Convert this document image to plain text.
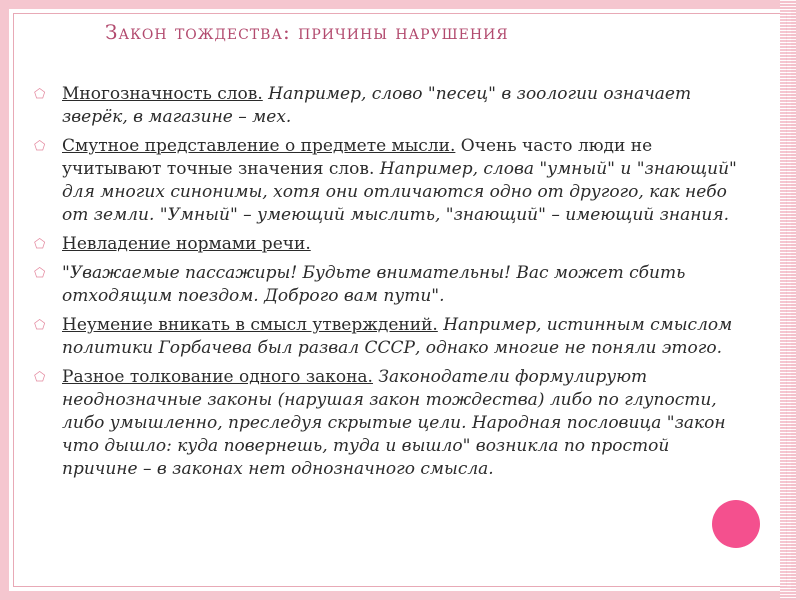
Закон тождества: причины нарушения
⬠ Многозначность слов. Например, слово "песец" в зоологии означает зверёк, в магазине – мех.
⬠ Смутное представление о предмете мысли. Очень часто люди не учитывают точные значения слов. Например, слова "умный" и "знающий" для многих синонимы, хотя они отличаются одно от другого, как небо от земли. "Умный" – умеющий мыслить, "знающий" – имеющий знания.
⬠ Невладение нормами речи.
⬠ "Уважаемые пассажиры! Будьте внимательны! Вас может сбить отходящим поездом. Доброго вам пути".
⬠ Неумение вникать в смысл утверждений. Например, истинным смыслом политики Горбачева был развал СССР, однако многие не поняли этого.
⬠ Разное толкование одного закона. Законодатели формулируют неоднозначные законы (нарушая закон тождества) либо по глупости, либо умышленно, преследуя скрытые цели. Народная пословица "закон что дышло: куда повернешь, туда и вышло" возникла по простой причине – в законах нет однозначного смысла.
